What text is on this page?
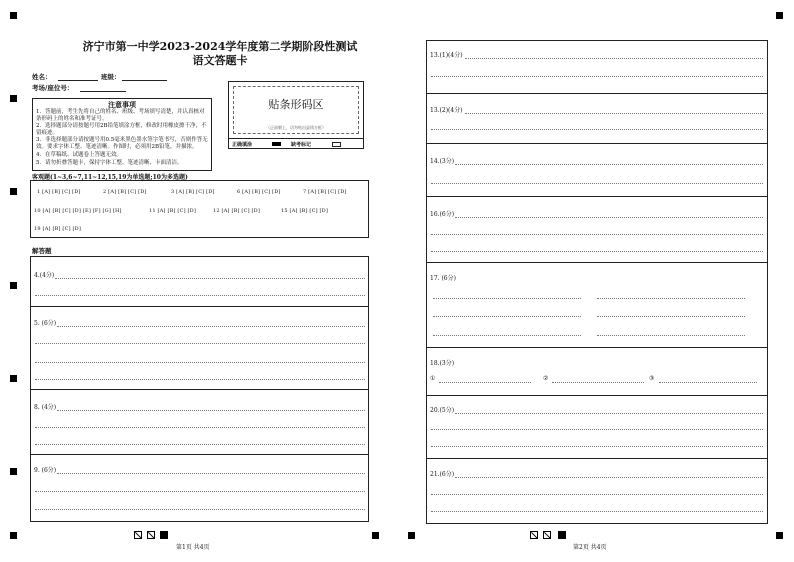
济宁市第一中学2023-2024学年度第二学期阶段性测试
语文答题卡
姓名：	班级：
考场/座位号：
注意事项
1．答题前，考生先将自己的姓名、班级、考场填写清楚，并认真核对条形码上的姓名和准考证号。
2．选择题部分请按题号用2B铅笔填涂方框，修改时用橡皮擦干净，不留痕迹。
3．非选择题部分请按题号用0.5毫米黑色墨水签字笔书写，否则作答无效。要求字体工整、笔迹清晰。作图时，必须用2B铅笔，并描浓。
4．在草稿纸、试题卷上答题无效。
5．请勿折叠答题卡，保持字体工整、笔迹清晰、卡面清洁。
贴条形码区
（正面朝上，切勿贴出虚线方框）
正确填涂	缺考标记
客观题(1~3,6~7,11~12,15,19为单选题;10为多选题)
1 [A] [B] [C] [D]	2 [A] [B] [C] [D]	3 [A] [B] [C] [D]	6 [A] [B] [C] [D]	7 [A] [B] [C] [D]
10 [A] [B] [C] [D] [E] [F] [G] [H]	11 [A] [B] [C] [D]	12 [A] [B] [C] [D]	15 [A] [B] [C] [D]
19 [A] [B] [C] [D]
解答题
4.(4分)
5. (6分)
8. (4分)
9. (6分)
第1页 共4页
13.(1)(4分)
13.(2)(4分)
14.(3分)
16.(6分)
17. (6分)
18.(3分)
①	②	③
20.(5分)
21.(6分)
第2页 共4页
